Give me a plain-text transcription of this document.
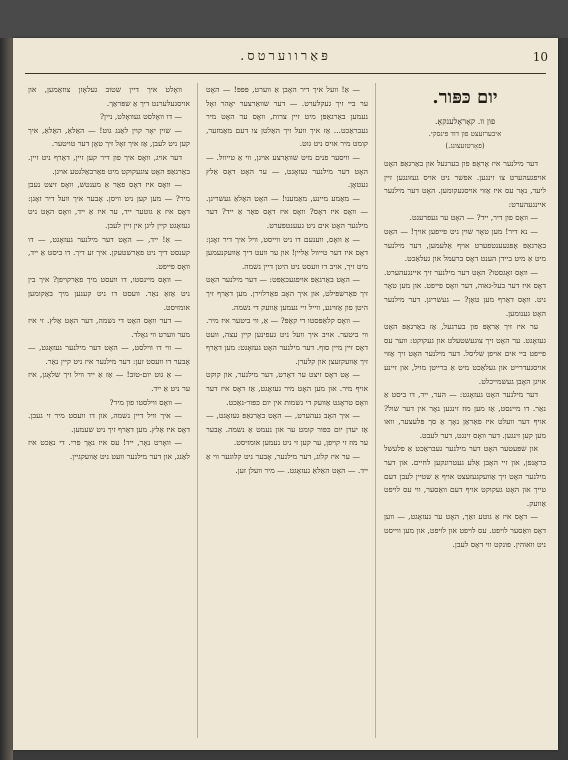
פּאַרווערטס.	10
יום כּפּור.
פון וו. קאָראָלענקאָ.
איבערזעצט פון דוד פּינסקי.
(פאָרטזעצונג.)

דער מילנער איז אָראָפּ פון בערגעל און באַרגאַפּ האָט אויפגעהערט צו זינגען. אפשר ניט אויס געזונגען זיין ליעד, נאָר עס איז אַזוי אויסגעקומען. האָט דער מילנער איינגעהערט:

— וואָס פון דיר, ייד? — האָט ער געפרעגט.

— נא דיר! מען טאָר שוין ניט פייפען אויך! — האָט באַרגאַפּ אָפּגעענטפערט אויף אַלעמען, דער מילנער מיט אַ מיט ביידן הענט דאָס ברעמל און געלאַכט.

— וואָס זאָגסטו? האָט דער מילנער זיך איינגעהערט. דאָס איז דער בעל-גאוה, דער וואָס פייפט. און מען טאָר ניט. וואָס דאַרף מען טאָן? — געשריגן. דער מילנער האָט גענומען.

ער איז זיך אַראָפּ פון בערגעל, אַז באַרגאַפּ האָט געזאָגט. ער האָט זיך צוגעשטעלט און געקוקט: ווער עס פייפט ביי אים אויפן שליסל. דער מילנער האָט זיך אַזוי אויסגעדרייט און געלאַכט מיט אַ ברייטן מויל, און זיינע אויגן האָבן געשמייכלט.

דער מילנער האָט געזאָגט: — הער, ייד, דו ביסט אַ נאַר. דו מיינסט, אַז מען מוז זינגען נאָר אין דער שול? אויף דער וועלט איז פאַראַן נאָך אַ סך פּלעצער, וואו מען קען זינגען. דער וואָס זינגט, דער לעבט.

און שפּעטער האָט דער מילנער געבראַכט אַ פלעשל בראָנפן, און זיי האָבן אַלע געטרונקען לחיים. און דער מילנער האָט זיך אַוועקגעזעצט אויף אַ שטיין לעבן דעם טייך און האָט געקוקט אויף דעם וואַסער, ווי עס לויפט אַוועק.

— דאָס איז אַ גוטע זאַך, האָט ער געזאָגט, — ווען דאָס וואַסער לויפט. עס לויפט און לויפט, און מען ווייסט ניט וואוהין. פונקט ווי דאָס לעבן.

— אַ! וועל איך דיר האָבן אַ ווערט, פּפּפּ! — האָט ער ביי זיך געקלערט. — דער שוואַרצער יאָהר זאָל נעמען באַרגאַפּן מיט זיין צרות, וואָס ער האָט מיר געבראַכט... אַז איך וועל זיך האַלטן צו דעם מאַמזער, קומט מיר אויס ניט גוט.

— וויסער פנים מיט שוואַרצע אויגן, ווי אַ טייוול. — האָט דער מילנער געזאָגט, — ער האָט דאָס אַלץ געטאָן.

— מאַמע מיינע, מאַמענו! — האָט האַלאַ געשריגן. — וואָס איז דאָס? וואָס איז דאָס פאַר אַ ייד? דער מילנער האָט אים ניט געענטפערט.

— אַ וואָס, ווענעם דו ניט ווייסט, וויל איך דיר זאָגן: דאָס איז דער טייוול אַליין! און ער וועט דיך אַוועקנעמען מיט זיך, אויב דו וועסט ניט היטן דיין נשמה.

— האָט באַרגאַפּ אויפגעכאַפּט: — דער מילנער האָט זיך פאַרשפּילט, און איך האָב פאַרלוירן. מען דאַרף זיך היטן פון אַזוינע, ווייל זיי נעמען אַוועק די נשמה.

— וואָס קלאַפּסטו די קאָפּ? — אַ, ווי ביטער איז מיר. ווי ביטער. אויב איך וועל ניט געפינען קיין עצה, וועט דאָס זיין מיין סוף. דער מילנער האָט געזאָגט: מען דאַרף זיך אַוועקזעצן און קלערן.

— אָט דאָס זיצט ער דאָרט, דער מילנער, און קוקט אויף מיר. און מען האָט מיר געזאָגט, אַז דאָס איז דער וואָס טראָגט אַוועק די נשמות אין יום כּפּור-נאַכט.

— איך האָב געהערט, — האָט באַרגאַפּ געזאָגט, — אַז יעדן יום כּפּור קומט ער און נעמט אַ נשמה. אָבער ער מוז זי קויפן, ער קען זי ניט נעמען אומזיסט.

— ער איז קלוג, דער מילנער, אָבער ניט קלוגער ווי אַ ייד. — האָט האַלאַ געזאָגט. — מיר וועלן זען.

וואָלט איך דיין שטוב געלאָזן צוזאַמען, און אויסגעלערנט דיך אַ שפּראַך.

— דו וואָלסט געוואָלט, ניין?

— שוין יאָר קוין לאַנג גוט! — האַלאַ, האַלאַ, איך קען ניט לעבן, אַז איך זאָל זיך טאָן דער טויטער.

דער אויג, וואָס איך פון דיר קען זיין, דאַרף ניט זיין. באַרגאַפּ האָט צוגעקוקט מיט פאַרבאַלגטע אויגן.

— וואָס איז דאָס פאַר אַ מענטש, וואָס זיצט נעבן מיר? — מען קען ניט וויסן. אָבער איך וועל דיר זאָגן: דאָס איז אַ גוטער ייד, ער איז אַ ייד, וואָס האָט ניט געזאָגט קיין ליגן אין זיין לעבן.

— אַ! ייד, — האָט דער מילנער געזאָגט, — דו קענסט דיך ניט פאַרשטעקן. איך זע דיך. דו ביסט אַ ייד, וואָס פייפט.

— וואָס מיינסטו, דו וועסט מיך פאַרקויפן? איך בין ניט אַזאַ נאַר. וועסט דו ניט קענען מיך באַקומען אומזיסט.

— דער וואָס האָט די נשמה, דער האָט אַלץ. זי איז מער ווערט ווי גאָלד.

— ווי דו ווילסט, — האָט דער מילנער געזאָגט, — אָבער דו וועסט זען: דער מילנער איז ניט קיין נאַר.

— אַ גוט יום-טוב! — אַז אַ ייד וויל זיך שלאָגן, איז ער ניט אַ ייד.

— וואָס ווילסטו פון מיר?

— איך וויל דיין נשמה, און דו וועסט מיר זי געבן. דאָס איז אַלץ. מען דאַרף זיך ניט שעמען.

— וואָרט נאָר, ייד! עס איז נאָך פרי. די נאַכט איז לאַנג, און דער מילנער וועט ניט אַוועקגיין.
